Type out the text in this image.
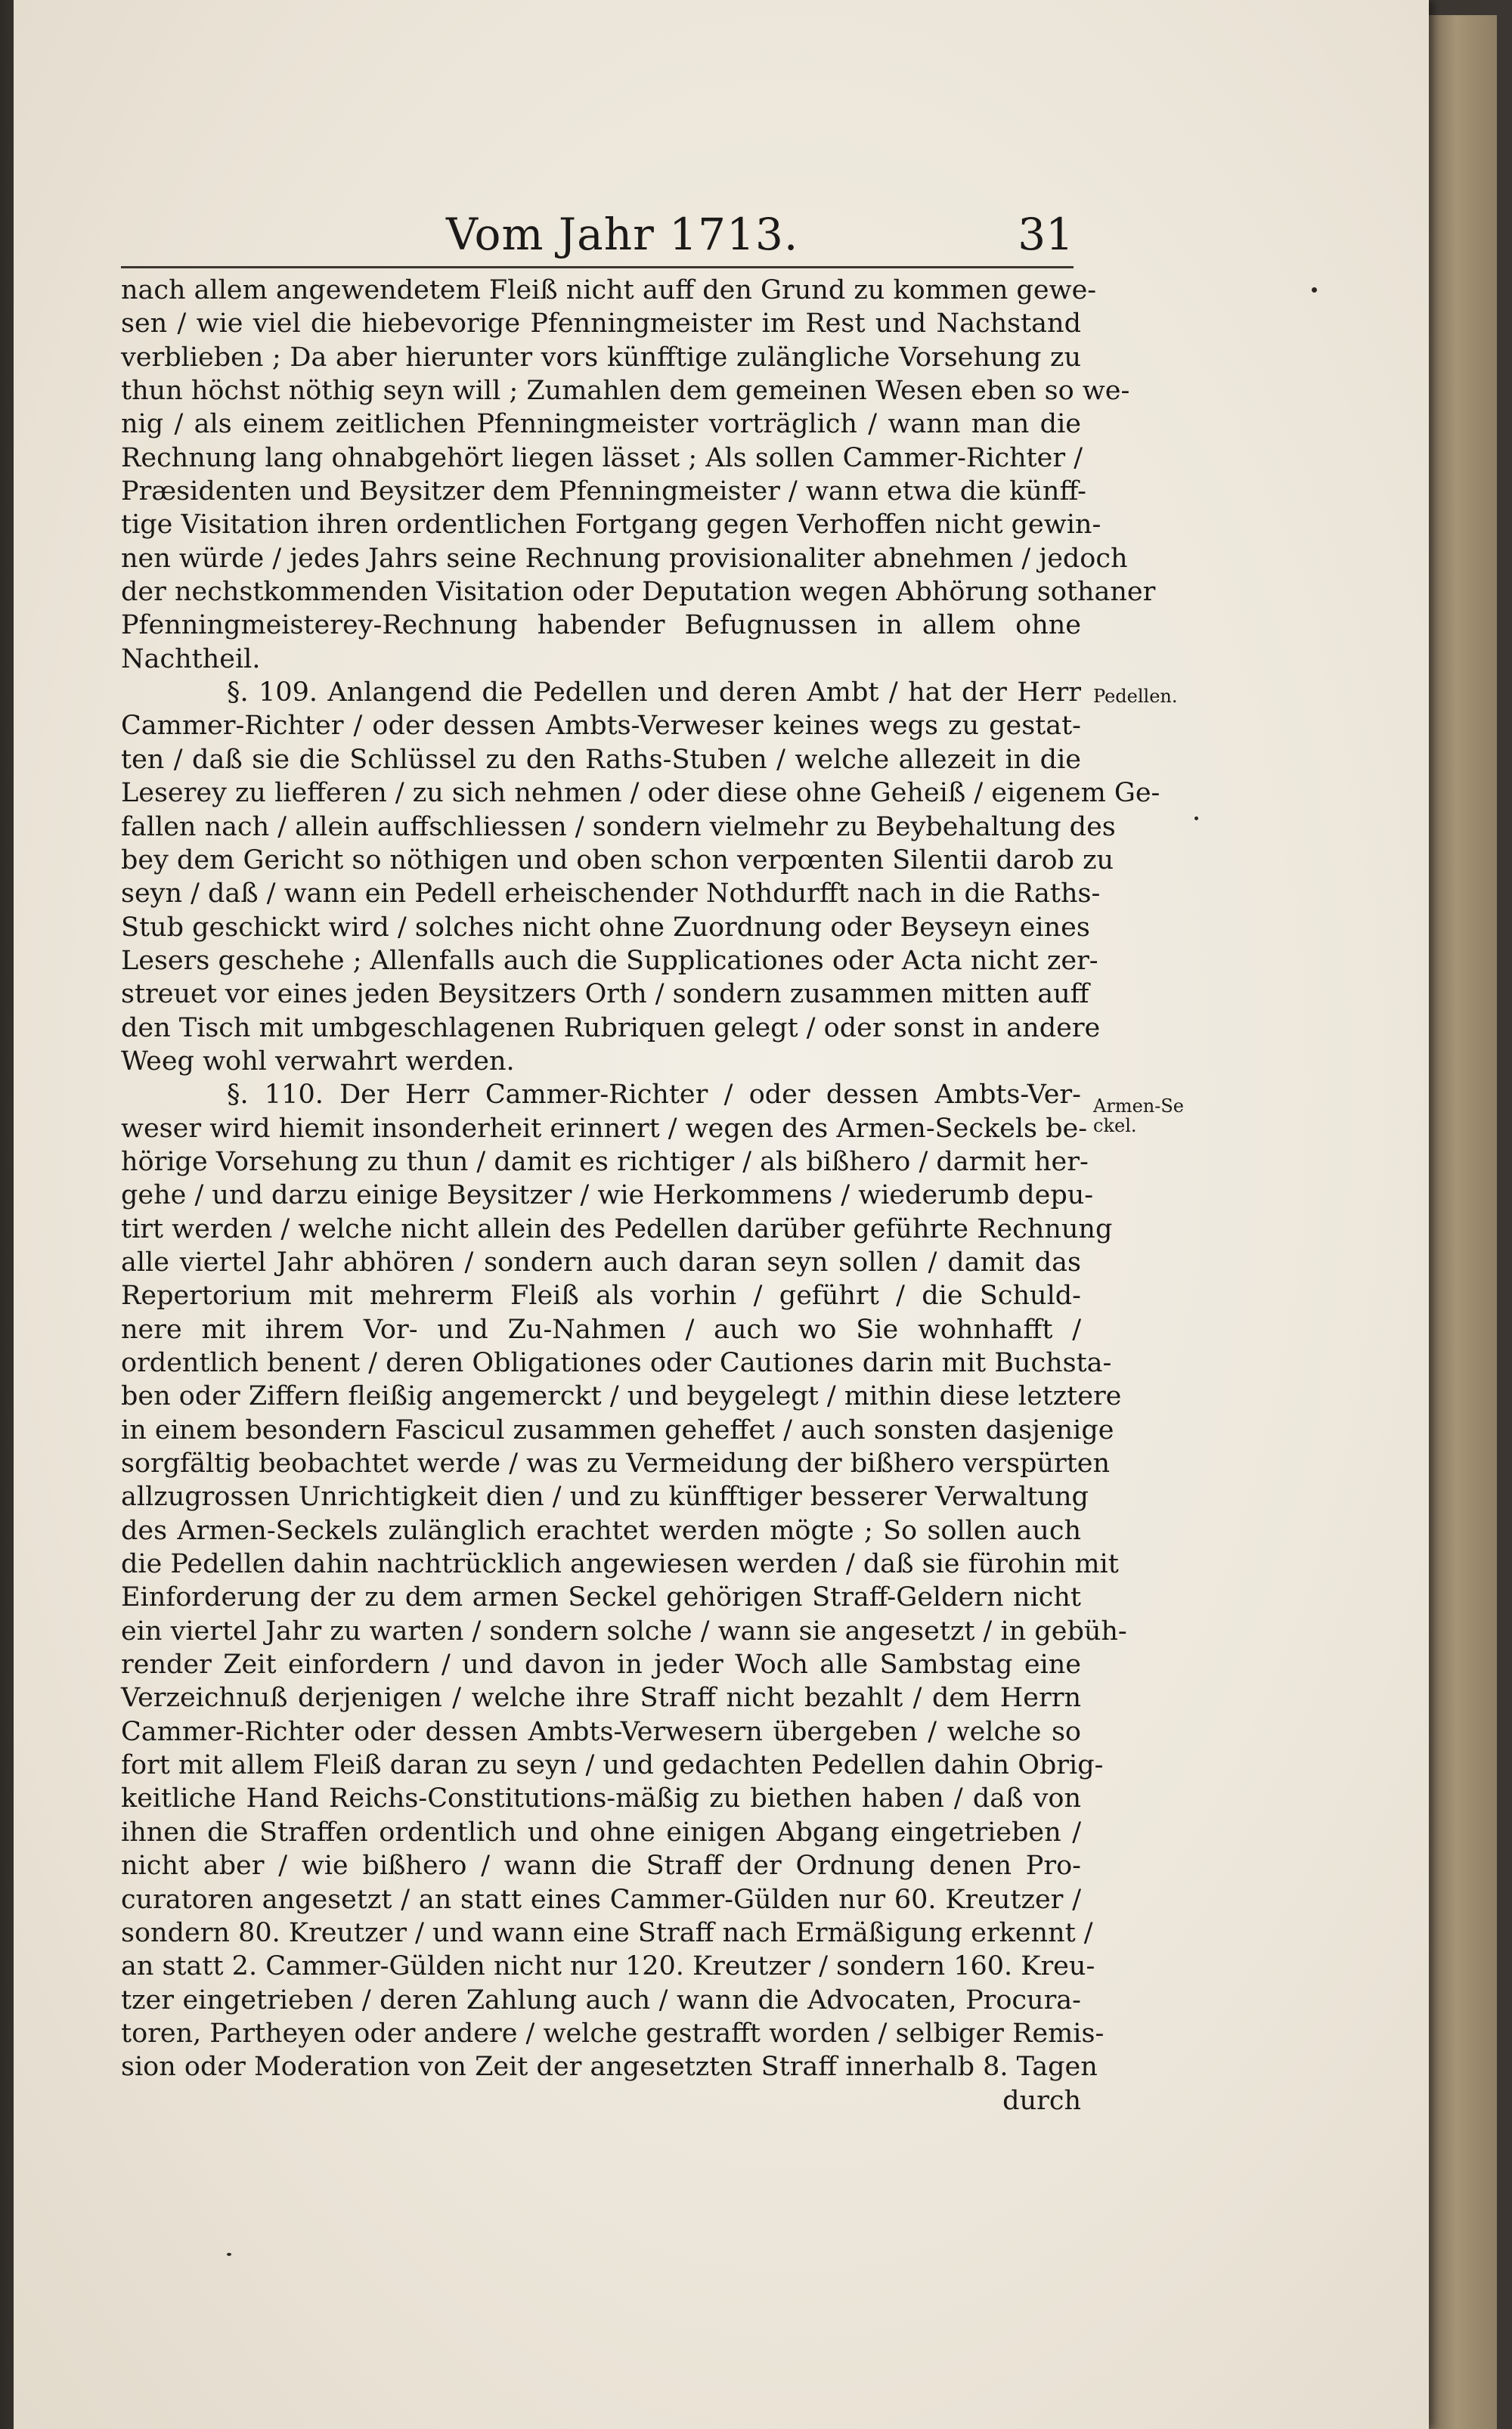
Vom Jahr 1713.	31
nach allem angewendetem Fleiß nicht auff den Grund zu kommen gewe-
sen / wie viel die hiebevorige Pfenningmeister im Rest und Nachstand
verblieben ; Da aber hierunter vors künfftige zulängliche Vorsehung zu
thun höchst nöthig seyn will ; Zumahlen dem gemeinen Wesen eben so we-
nig / als einem zeitlichen Pfenningmeister vorträglich / wann man die
Rechnung lang ohnabgehört liegen lässet ; Als sollen Cammer-Richter /
Præsidenten und Beysitzer dem Pfenningmeister / wann etwa die künff-
tige Visitation ihren ordentlichen Fortgang gegen Verhoffen nicht gewin-
nen würde / jedes Jahrs seine Rechnung provisionaliter abnehmen / jedoch
der nechstkommenden Visitation oder Deputation wegen Abhörung sothaner
Pfenningmeisterey-Rechnung habender Befugnussen in allem ohne
Nachtheil.
§. 109. Anlangend die Pedellen und deren Ambt / hat der Herr
Cammer-Richter / oder dessen Ambts-Verweser keines wegs zu gestat-
ten / daß sie die Schlüssel zu den Raths-Stuben / welche allezeit in die
Leserey zu liefferen / zu sich nehmen / oder diese ohne Geheiß / eigenem Ge-
fallen nach / allein auffschliessen / sondern vielmehr zu Beybehaltung des
bey dem Gericht so nöthigen und oben schon verpœnten Silentii darob zu
seyn / daß / wann ein Pedell erheischender Nothdurfft nach in die Raths-
Stub geschickt wird / solches nicht ohne Zuordnung oder Beyseyn eines
Lesers geschehe ; Allenfalls auch die Supplicationes oder Acta nicht zer-
streuet vor eines jeden Beysitzers Orth / sondern zusammen mitten auff
den Tisch mit umbgeschlagenen Rubriquen gelegt / oder sonst in andere
Weeg wohl verwahrt werden.
§. 110. Der Herr Cammer-Richter / oder dessen Ambts-Ver-
weser wird hiemit insonderheit erinnert / wegen des Armen-Seckels be-
hörige Vorsehung zu thun / damit es richtiger / als bißhero / darmit her-
gehe / und darzu einige Beysitzer / wie Herkommens / wiederumb depu-
tirt werden / welche nicht allein des Pedellen darüber geführte Rechnung
alle viertel Jahr abhören / sondern auch daran seyn sollen / damit das
Repertorium mit mehrerm Fleiß als vorhin / geführt / die Schuld-
nere mit ihrem Vor- und Zu-Nahmen / auch wo Sie wohnhafft /
ordentlich benent / deren Obligationes oder Cautiones darin mit Buchsta-
ben oder Ziffern fleißig angemerckt / und beygelegt / mithin diese letztere
in einem besondern Fascicul zusammen geheffet / auch sonsten dasjenige
sorgfältig beobachtet werde / was zu Vermeidung der bißhero verspürten
allzugrossen Unrichtigkeit dien / und zu künfftiger besserer Verwaltung
des Armen-Seckels zulänglich erachtet werden mögte ; So sollen auch
die Pedellen dahin nachtrücklich angewiesen werden / daß sie fürohin mit
Einforderung der zu dem armen Seckel gehörigen Straff-Geldern nicht
ein viertel Jahr zu warten / sondern solche / wann sie angesetzt / in gebüh-
render Zeit einfordern / und davon in jeder Woch alle Sambstag eine
Verzeichnuß derjenigen / welche ihre Straff nicht bezahlt / dem Herrn
Cammer-Richter oder dessen Ambts-Verwesern übergeben / welche so
fort mit allem Fleiß daran zu seyn / und gedachten Pedellen dahin Obrig-
keitliche Hand Reichs-Constitutions-mäßig zu biethen haben / daß von
ihnen die Straffen ordentlich und ohne einigen Abgang eingetrieben /
nicht aber / wie bißhero / wann die Straff der Ordnung denen Pro-
curatoren angesetzt / an statt eines Cammer-Gülden nur 60. Kreutzer /
sondern 80. Kreutzer / und wann eine Straff nach Ermäßigung erkennt /
an statt 2. Cammer-Gülden nicht nur 120. Kreutzer / sondern 160. Kreu-
tzer eingetrieben / deren Zahlung auch / wann die Advocaten, Procura-
toren, Partheyen oder andere / welche gestrafft worden / selbiger Remis-
sion oder Moderation von Zeit der angesetzten Straff innerhalb 8. Tagen
durch
Pedellen.
Armen-Se
ckel.
